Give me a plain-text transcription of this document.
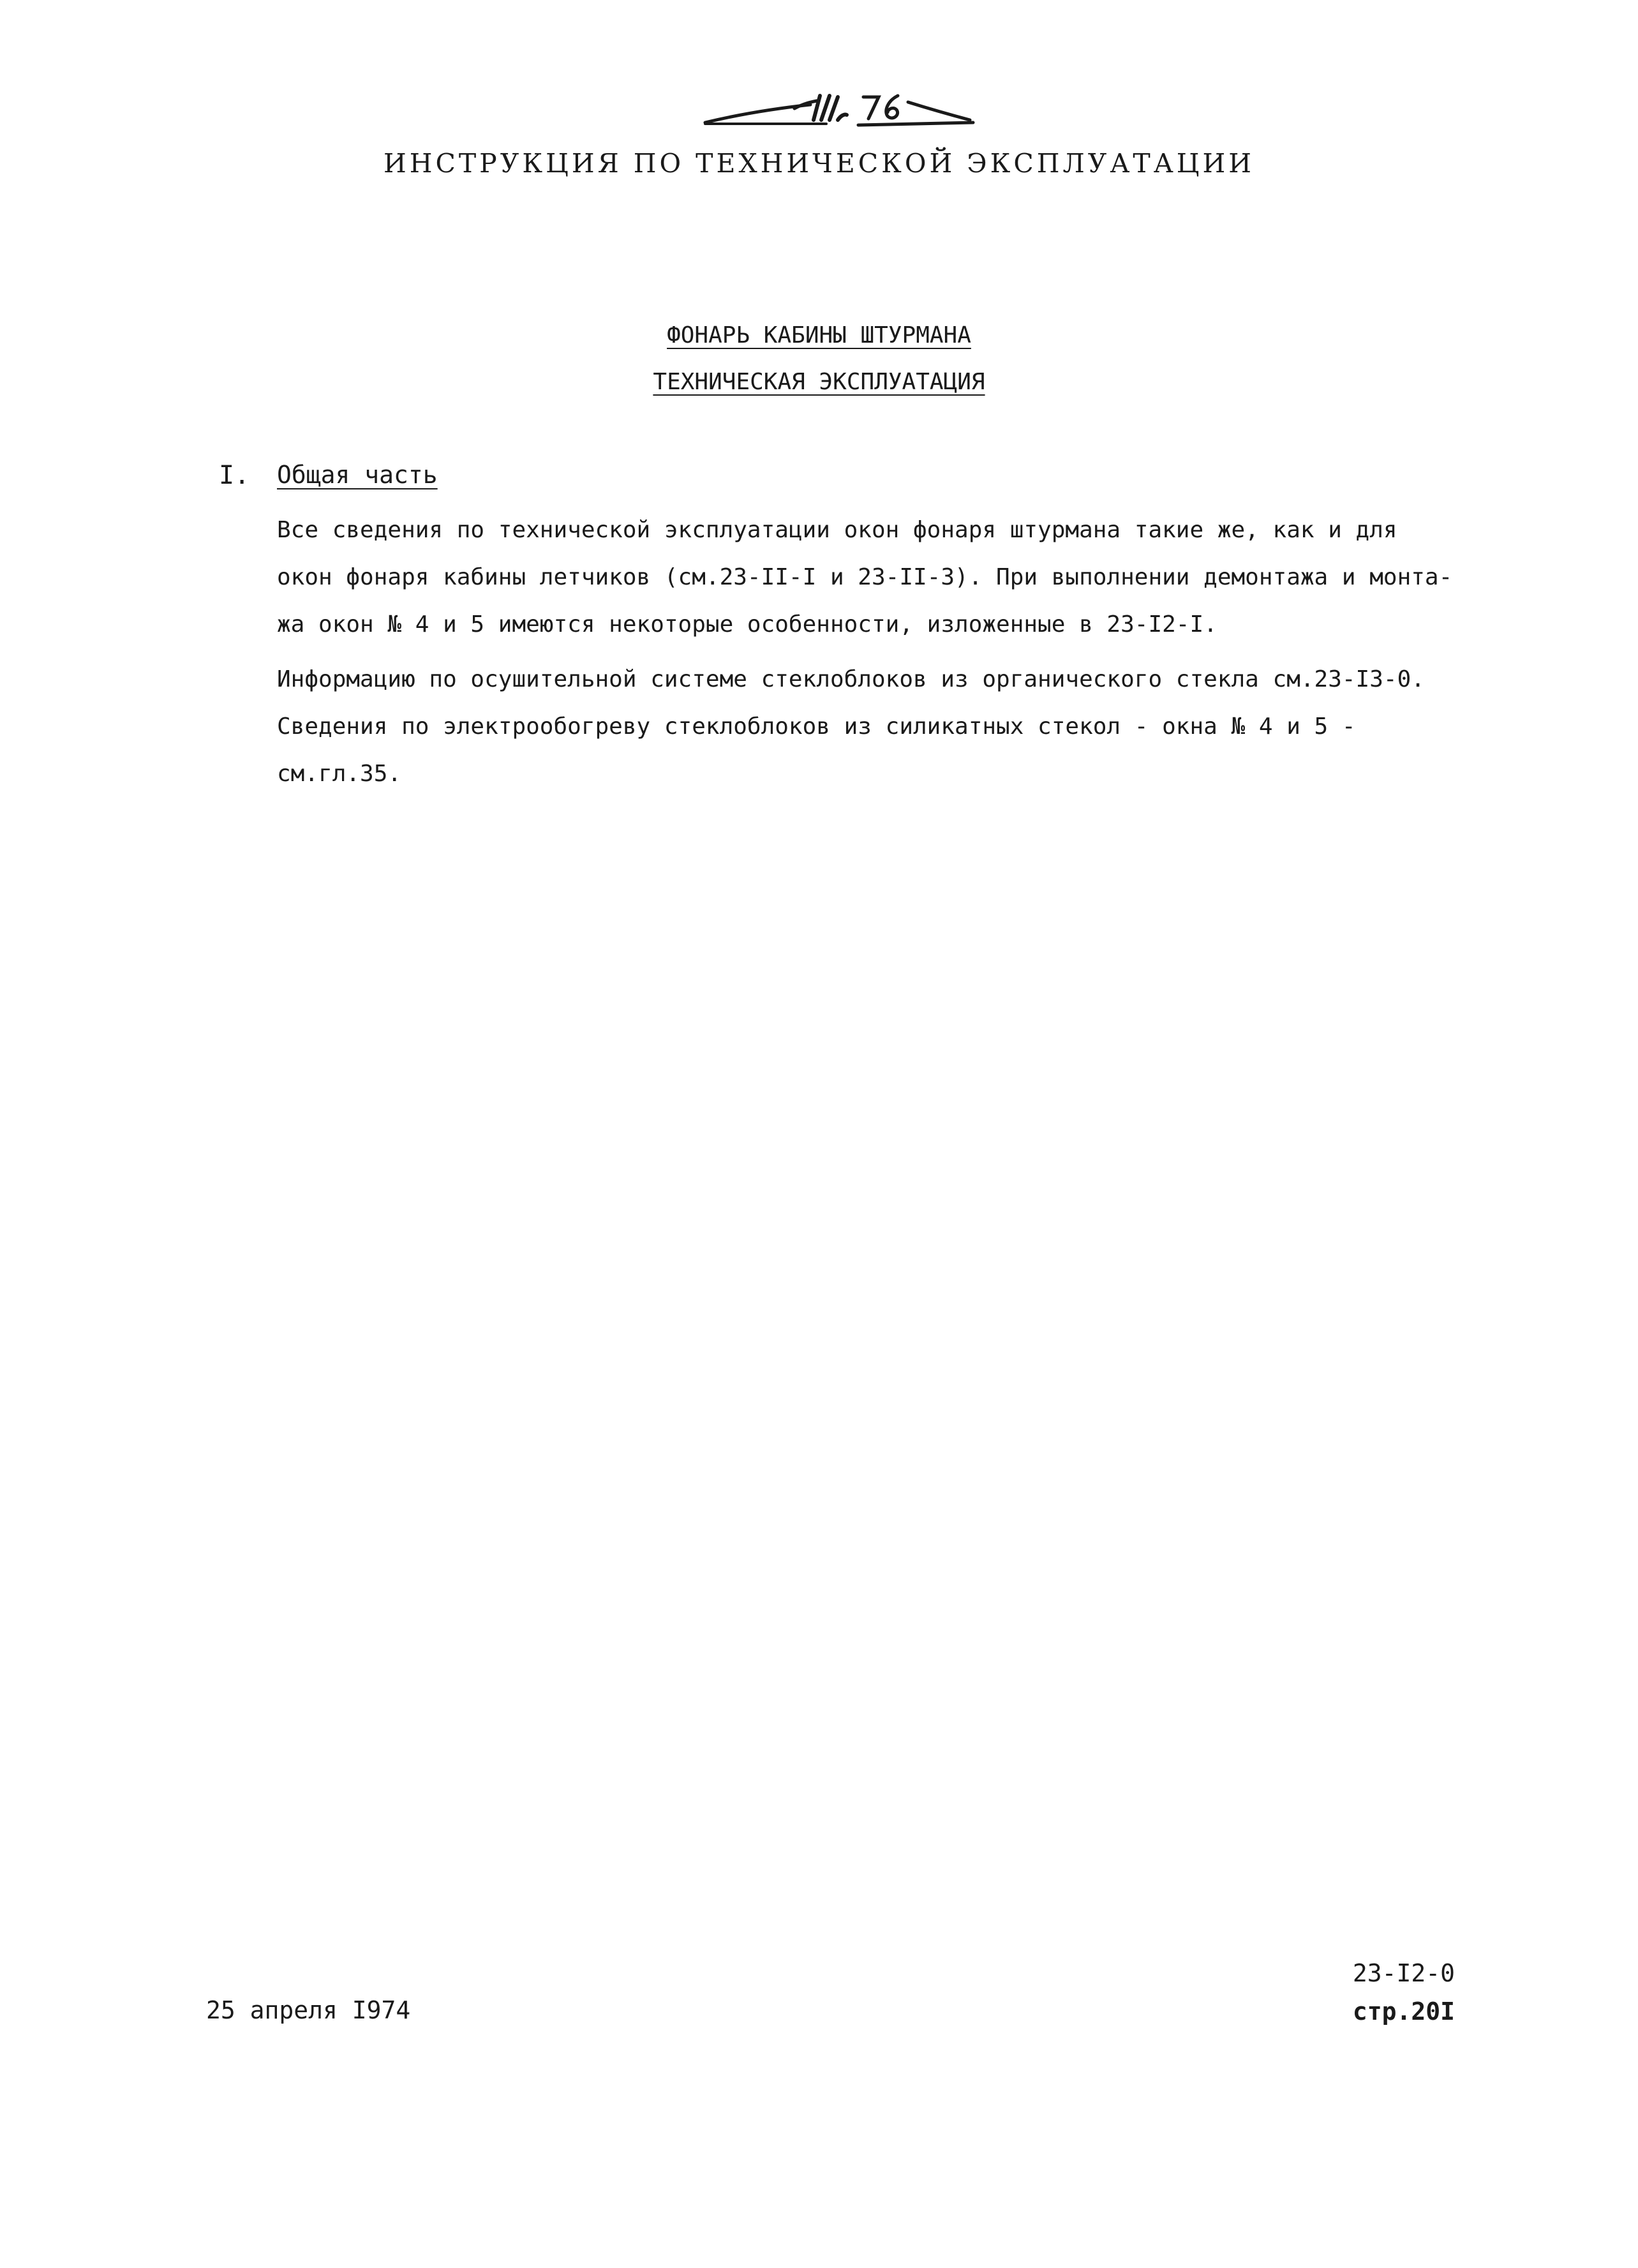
ИНСТРУКЦИЯ ПО ТЕХНИЧЕСКОЙ ЭКСПЛУАТАЦИИ
ФОНАРЬ КАБИНЫ ШТУРМАНА
ТЕХНИЧЕСКАЯ ЭКСПЛУАТАЦИЯ
I. Общая часть
Все сведения по технической эксплуатации окон фонаря штурмана такие же, как и для
окон фонаря кабины летчиков (см.23-II-I и 23-II-3). При выполнении демонтажа и монта-
жа окон № 4 и 5 имеются некоторые особенности, изложенные в 23-I2-I.
Информацию по осушительной системе стеклоблоков из органического стекла см.23-I3-0.
Сведения по электрообогреву стеклоблоков из силикатных стекол - окна № 4 и 5 -
см.гл.35.
25 апреля I974
23-I2-0
стр.20I
